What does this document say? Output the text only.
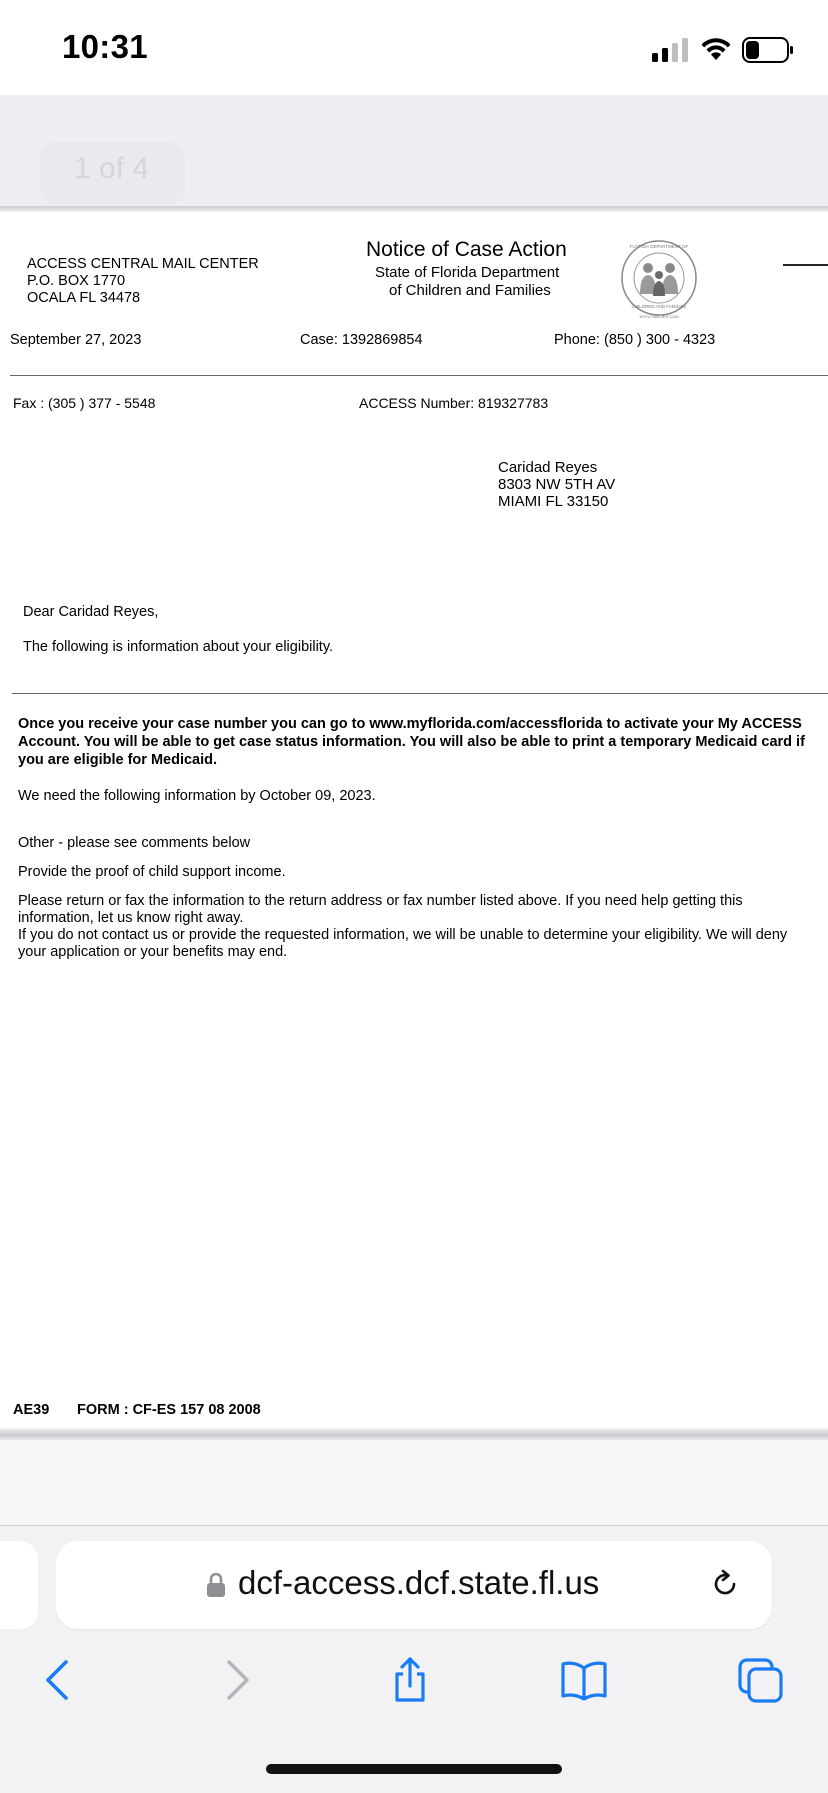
10:31
1 of 4
ACCESS CENTRAL MAIL CENTER
P.O. BOX 1770
OCALA FL 34478
Notice of Case Action
State of Florida Department
of Children and Families
FLORIDA DEPARTMENT OF
CHILDREN AND FAMILIES
MYFLFAMILIES.COM
September 27, 2023	Case: 1392869854	Phone: (850 ) 300 - 4323
Fax : (305 ) 377 - 5548	ACCESS Number: 819327783
Caridad Reyes
8303 NW 5TH AV
MIAMI FL 33150
Dear Caridad Reyes,
The following is information about your eligibility.
Once you receive your case number you can go to www.myflorida.com/accessflorida to activate your My ACCESS Account. You will be able to get case status information. You will also be able to print a temporary Medicaid card if you are eligible for Medicaid.
We need the following information by October 09, 2023.
Other - please see comments below
Provide the proof of child support income.
Please return or fax the information to the return address or fax number listed above. If you need help getting this information, let us know right away.
If you do not contact us or provide the requested information, we will be unable to determine your eligibility. We will deny your application or your benefits may end.
AE39 FORM : CF-ES 157 08 2008
dcf-access.dcf.state.fl.us
